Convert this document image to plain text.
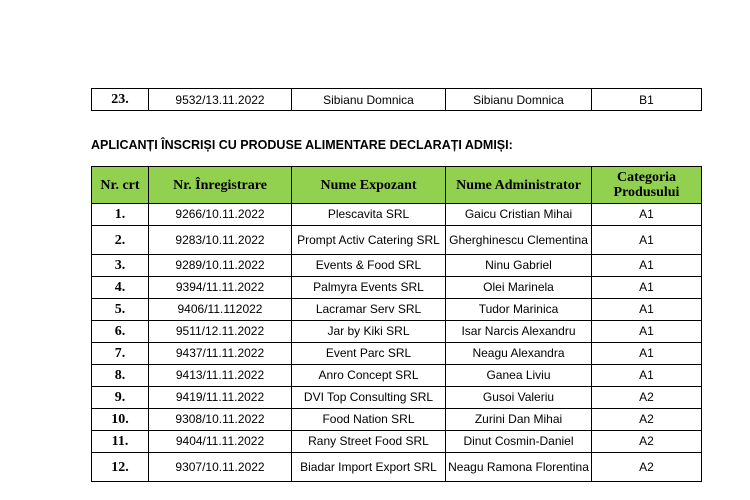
23.	9532/13.11.2022	Sibianu Domnica	Sibianu Domnica	B1
APLICANȚI ÎNSCRIȘI CU PRODUSE ALIMENTARE DECLARAȚI ADMIȘI:
Nr. crt	Nr. Înregistrare	Nume Expozant	Nume Administrator	Categoria Produsului
1.	9266/10.11.2022	Plescavita SRL	Gaicu Cristian Mihai	A1
2.	9283/10.11.2022	Prompt Activ Catering SRL	Gherghinescu Clementina	A1
3.	9289/10.11.2022	Events & Food SRL	Ninu Gabriel	A1
4.	9394/11.11.2022	Palmyra Events SRL	Olei Marinela	A1
5.	9406/11.112022	Lacramar Serv SRL	Tudor Marinica	A1
6.	9511/12.11.2022	Jar by Kiki SRL	Isar Narcis Alexandru	A1
7.	9437/11.11.2022	Event Parc SRL	Neagu Alexandra	A1
8.	9413/11.11.2022	Anro Concept SRL	Ganea Liviu	A1
9.	9419/11.11.2022	DVI Top Consulting SRL	Gusoi Valeriu	A2
10.	9308/10.11.2022	Food Nation SRL	Zurini Dan Mihai	A2
11.	9404/11.11.2022	Rany Street Food SRL	Dinut Cosmin-Daniel	A2
12.	9307/10.11.2022	Biadar Import Export SRL	Neagu Ramona Florentina	A2
